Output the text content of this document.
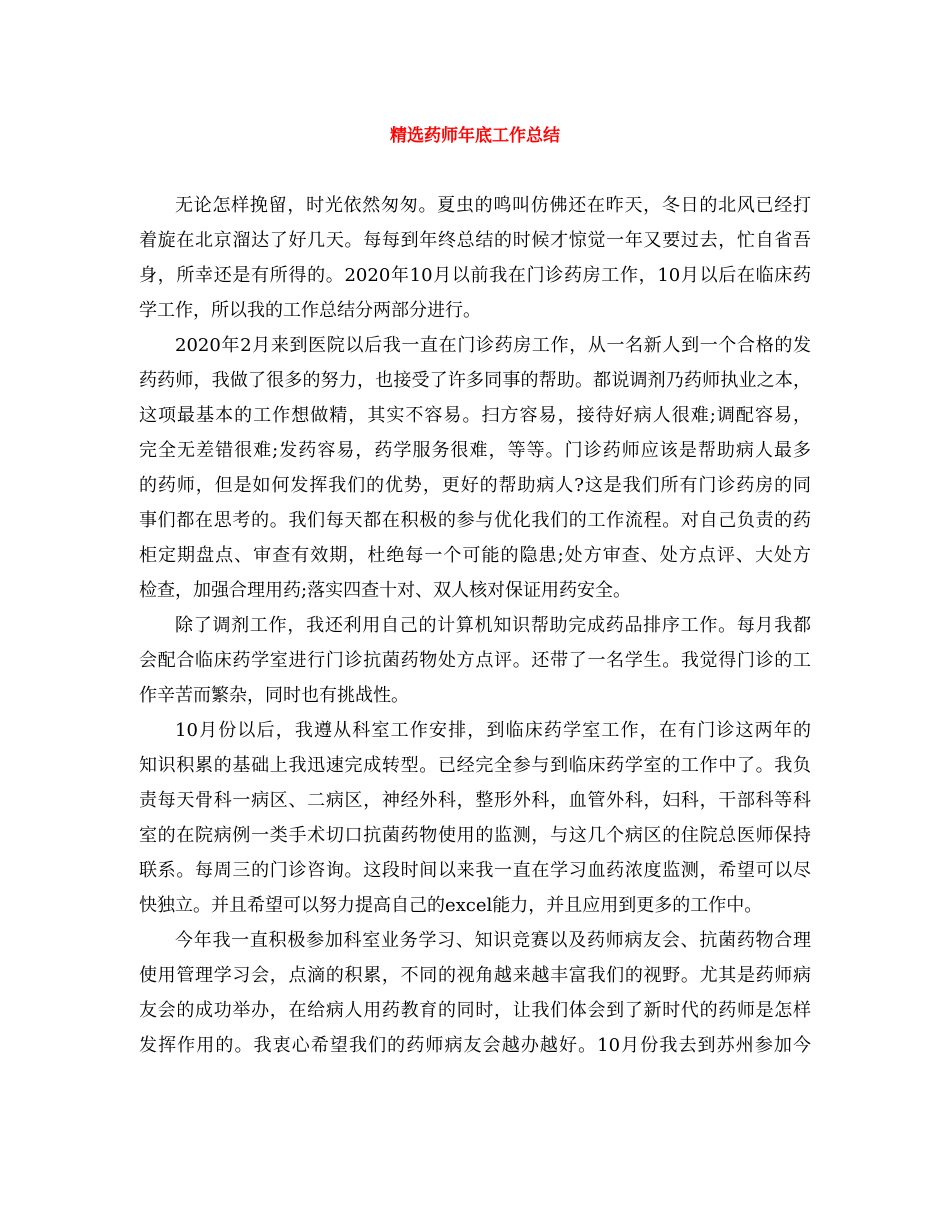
精选药师年底工作总结
无论怎样挽留，时光依然匆匆。夏虫的鸣叫仿佛还在昨天，冬日的北风已经打
着旋在北京溜达了好几天。每每到年终总结的时候才惊觉一年又要过去，忙自省吾
身，所幸还是有所得的。2020年10月以前我在门诊药房工作，10月以后在临床药
学工作，所以我的工作总结分两部分进行。
2020年2月来到医院以后我一直在门诊药房工作，从一名新人到一个合格的发
药药师，我做了很多的努力，也接受了许多同事的帮助。都说调剂乃药师执业之本，
这项最基本的工作想做精，其实不容易。扫方容易，接待好病人很难;调配容易，
完全无差错很难;发药容易，药学服务很难，等等。门诊药师应该是帮助病人最多
的药师，但是如何发挥我们的优势，更好的帮助病人?这是我们所有门诊药房的同
事们都在思考的。我们每天都在积极的参与优化我们的工作流程。对自己负责的药
柜定期盘点、审查有效期，杜绝每一个可能的隐患;处方审查、处方点评、大处方
检查，加强合理用药;落实四查十对、双人核对保证用药安全。
除了调剂工作，我还利用自己的计算机知识帮助完成药品排序工作。每月我都
会配合临床药学室进行门诊抗菌药物处方点评。还带了一名学生。我觉得门诊的工
作辛苦而繁杂，同时也有挑战性。
10月份以后，我遵从科室工作安排，到临床药学室工作，在有门诊这两年的
知识积累的基础上我迅速完成转型。已经完全参与到临床药学室的工作中了。我负
责每天骨科一病区、二病区，神经外科，整形外科，血管外科，妇科，干部科等科
室的在院病例一类手术切口抗菌药物使用的监测，与这几个病区的住院总医师保持
联系。每周三的门诊咨询。这段时间以来我一直在学习血药浓度监测，希望可以尽
快独立。并且希望可以努力提高自己的excel能力，并且应用到更多的工作中。
今年我一直积极参加科室业务学习、知识竞赛以及药师病友会、抗菌药物合理
使用管理学习会，点滴的积累，不同的视角越来越丰富我们的视野。尤其是药师病
友会的成功举办，在给病人用药教育的同时，让我们体会到了新时代的药师是怎样
发挥作用的。我衷心希望我们的药师病友会越办越好。10月份我去到苏州参加今
